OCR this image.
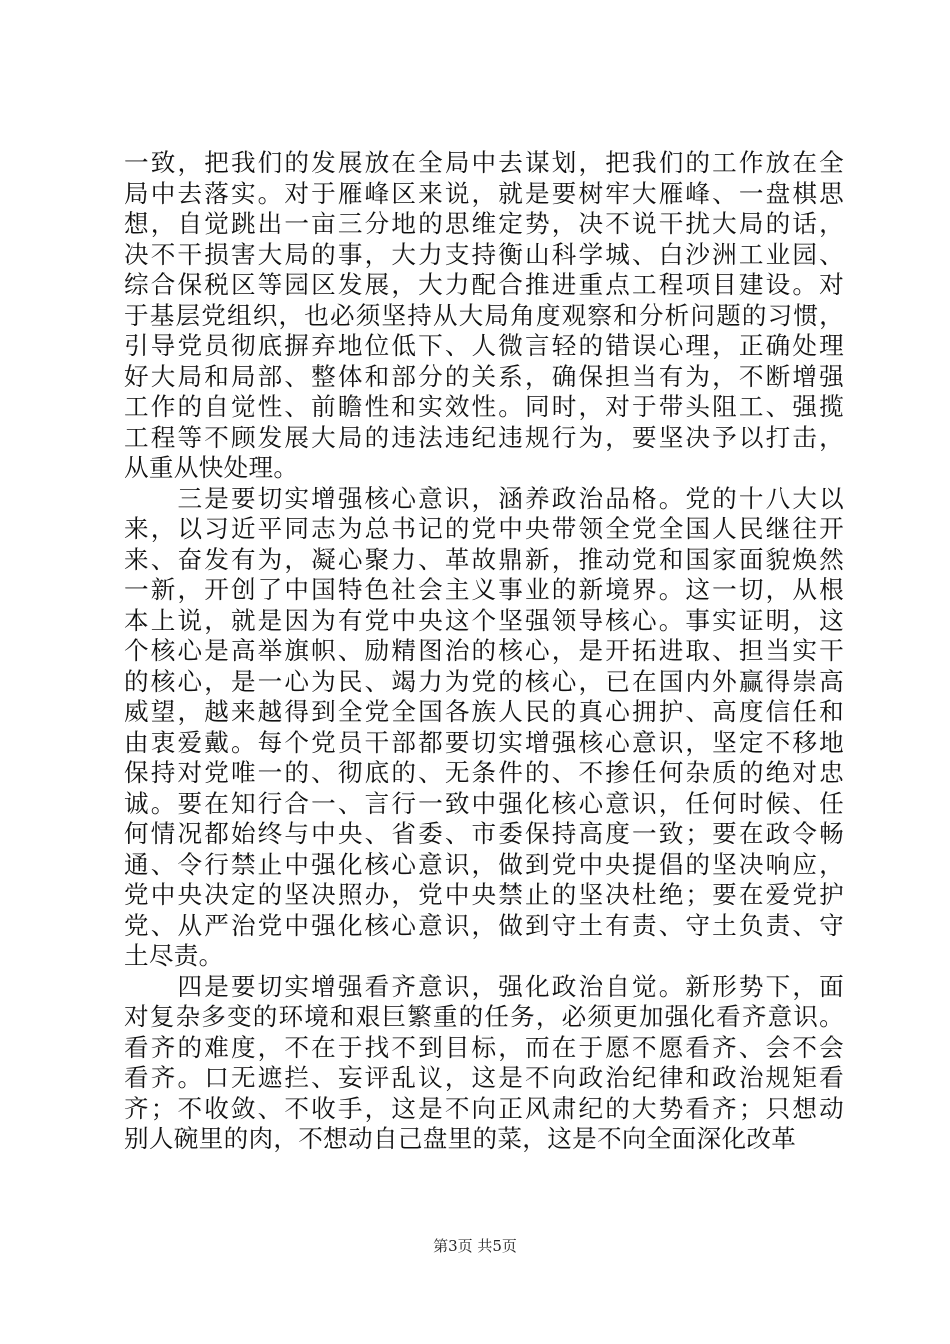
一致，把我们的发展放在全局中去谋划，把我们的工作放在全
局中去落实。对于雁峰区来说，就是要树牢大雁峰、一盘棋思
想，自觉跳出一亩三分地的思维定势，决不说干扰大局的话，
决不干损害大局的事，大力支持衡山科学城、白沙洲工业园、
综合保税区等园区发展，大力配合推进重点工程项目建设。对
于基层党组织，也必须坚持从大局角度观察和分析问题的习惯，
引导党员彻底摒弃地位低下、人微言轻的错误心理，正确处理
好大局和局部、整体和部分的关系，确保担当有为，不断增强
工作的自觉性、前瞻性和实效性。同时，对于带头阻工、强揽
工程等不顾发展大局的违法违纪违规行为，要坚决予以打击，
从重从快处理。

　　三是要切实增强核心意识，涵养政治品格。党的十八大以
来，以习近平同志为总书记的党中央带领全党全国人民继往开
来、奋发有为，凝心聚力、革故鼎新，推动党和国家面貌焕然
一新，开创了中国特色社会主义事业的新境界。这一切，从根
本上说，就是因为有党中央这个坚强领导核心。事实证明，这
个核心是高举旗帜、励精图治的核心，是开拓进取、担当实干
的核心，是一心为民、竭力为党的核心，已在国内外赢得崇高
威望，越来越得到全党全国各族人民的真心拥护、高度信任和
由衷爱戴。每个党员干部都要切实增强核心意识，坚定不移地
保持对党唯一的、彻底的、无条件的、不掺任何杂质的绝对忠
诚。要在知行合一、言行一致中强化核心意识，任何时候、任
何情况都始终与中央、省委、市委保持高度一致；要在政令畅
通、令行禁止中强化核心意识，做到党中央提倡的坚决响应，
党中央决定的坚决照办，党中央禁止的坚决杜绝；要在爱党护
党、从严治党中强化核心意识，做到守土有责、守土负责、守
土尽责。

　　四是要切实增强看齐意识，强化政治自觉。新形势下，面
对复杂多变的环境和艰巨繁重的任务，必须更加强化看齐意识。
看齐的难度，不在于找不到目标，而在于愿不愿看齐、会不会
看齐。口无遮拦、妄评乱议，这是不向政治纪律和政治规矩看
齐；不收敛、不收手，这是不向正风肃纪的大势看齐；只想动
别人碗里的肉，不想动自己盘里的菜，这是不向全面深化改革

第3页 共5页
